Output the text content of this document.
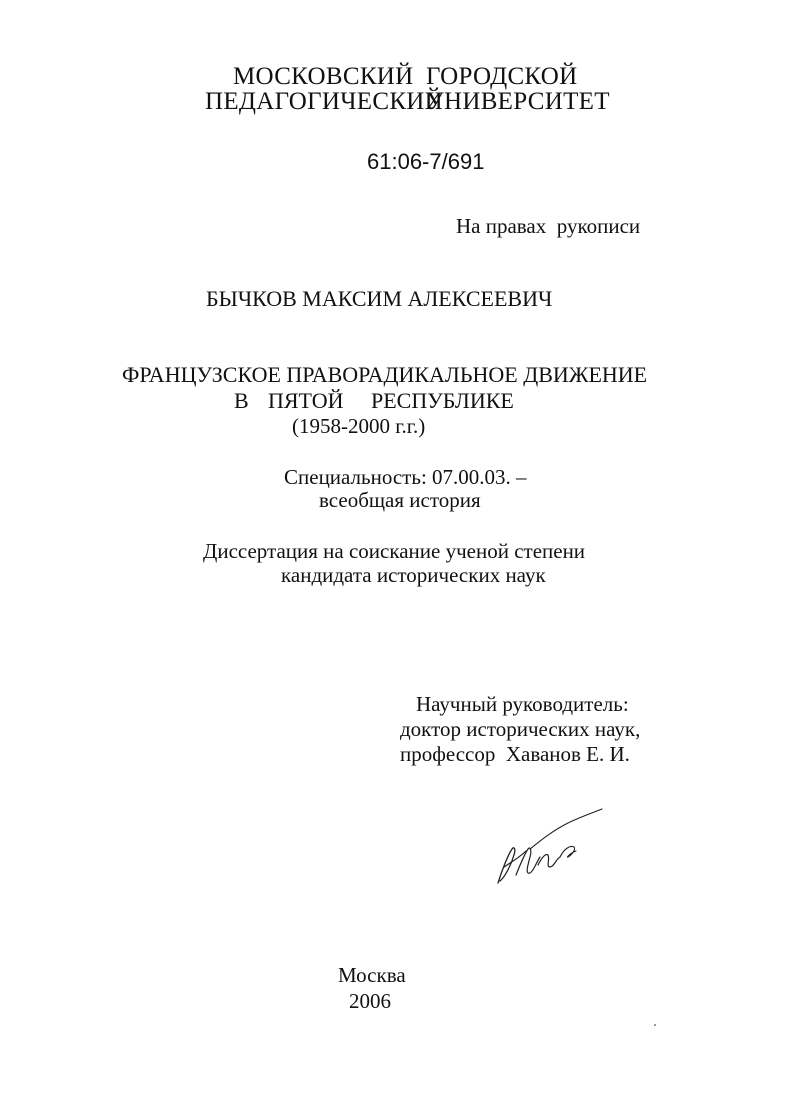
МОСКОВСКИЙ ГОРОДСКОЙ
ПЕДАГОГИЧЕСКИЙ
УНИВЕРСИТЕТ
61:06-7/691
На правах  рукописи
БЫЧКОВ МАКСИМ АЛЕКСЕЕВИЧ
ФРАНЦУЗСКОЕ ПРАВОРАДИКАЛЬНОЕ ДВИЖЕНИЕ
В ПЯТОЙ РЕСПУБЛИКЕ
(1958-2000 г.г.)
Специальность: 07.00.03. –
всеобщая история
Диссертация на соискание ученой степени
кандидата исторических наук
Научный руководитель:
доктор исторических наук,
профессор  Хаванов Е. И.
Москва
2006
